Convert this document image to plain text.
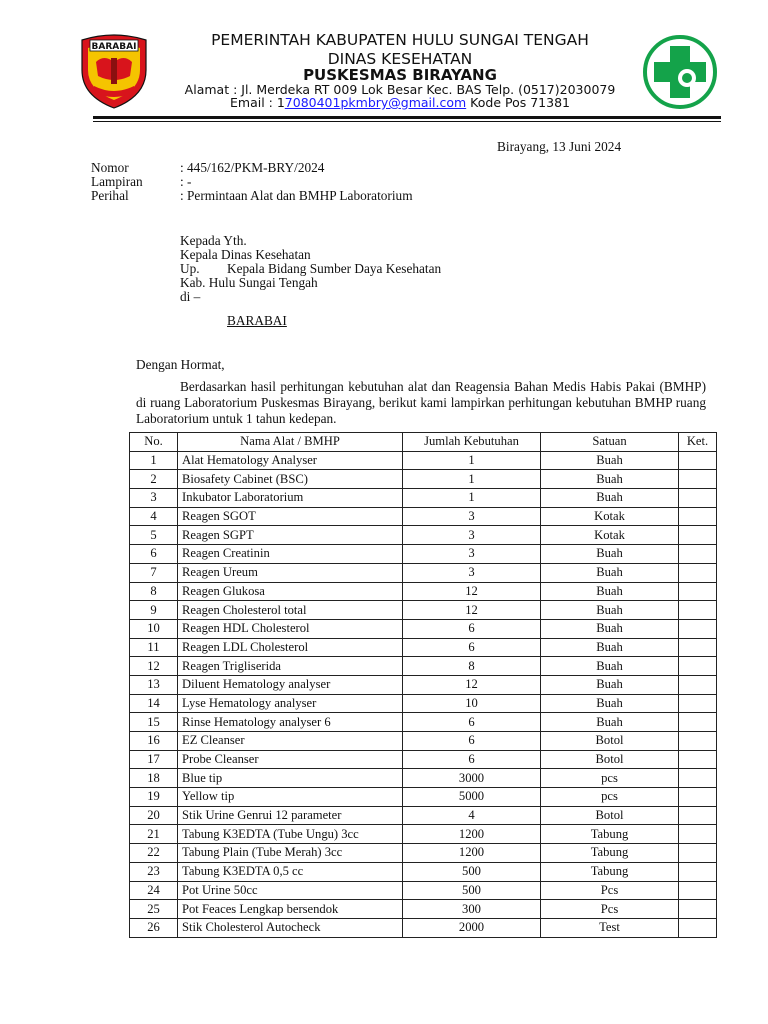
BARABAI	PEMERINTAH KABUPATEN HULU SUNGAI TENGAH
DINAS KESEHATAN
PUSKESMAS BIRAYANG
Alamat : Jl. Merdeka RT 009 Lok Besar Kec. BAS Telp. (0517)2030079
Email : 17080401pkmbry@gmail.com Kode Pos 71381
Birayang, 13 Juni 2024
Nomor	: 445/162/PKM-BRY/2024
Lampiran	: -
Perihal	: Permintaan Alat dan BMHP Laboratorium
Kepada Yth.
Kepala Dinas Kesehatan
Up. Kepala Bidang Sumber Daya Kesehatan
Kab. Hulu Sungai Tengah
di –
BARABAI
Dengan Hormat,

Berdasarkan hasil perhitungan kebutuhan alat dan Reagensia Bahan Medis Habis Pakai (BMHP) di ruang Laboratorium Puskesmas Birayang, berikut kami lampirkan perhitungan kebutuhan BMHP ruang Laboratorium untuk 1 tahun kedepan.

No.	Nama Alat / BMHP	Jumlah Kebutuhan	Satuan	Ket.
1	Alat Hematology Analyser	1	Buah	
2	Biosafety Cabinet (BSC)	1	Buah	
3	Inkubator Laboratorium	1	Buah	
4	Reagen SGOT	3	Kotak	
5	Reagen SGPT	3	Kotak	
6	Reagen Creatinin	3	Buah	
7	Reagen Ureum	3	Buah	
8	Reagen Glukosa	12	Buah	
9	Reagen Cholesterol total	12	Buah	
10	Reagen HDL Cholesterol	6	Buah	
11	Reagen LDL Cholesterol	6	Buah	
12	Reagen Trigliserida	8	Buah	
13	Diluent Hematology analyser	12	Buah	
14	Lyse Hematology analyser	10	Buah	
15	Rinse Hematology analyser 6	6	Buah	
16	EZ Cleanser	6	Botol	
17	Probe Cleanser	6	Botol	
18	Blue tip	3000	pcs	
19	Yellow tip	5000	pcs	
20	Stik Urine Genrui 12 parameter	4	Botol	
21	Tabung K3EDTA (Tube Ungu) 3cc	1200	Tabung	
22	Tabung Plain (Tube Merah) 3cc	1200	Tabung	
23	Tabung K3EDTA 0,5 cc	500	Tabung	
24	Pot Urine 50cc	500	Pcs	
25	Pot Feaces Lengkap bersendok	300	Pcs	
26	Stik Cholesterol Autocheck	2000	Test	
